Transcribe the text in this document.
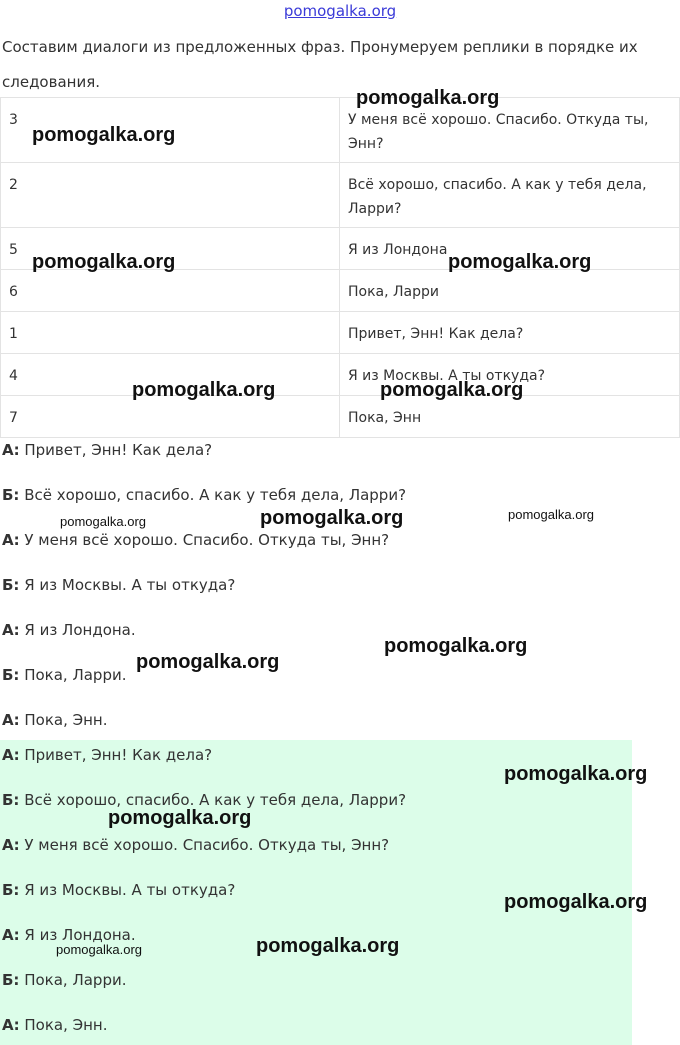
pomogalka.org
Составим диалоги из предложенных фраз. Пронумеруем реплики в порядке их следования.
3	У меня всё хорошо. Спасибо. Откуда ты, Энн?
2	Всё хорошо, спасибо. А как у тебя дела, Ларри?
5	Я из Лондона
6	Пока, Ларри
1	Привет, Энн! Как дела?
4	Я из Москвы. А ты откуда?
7	Пока, Энн
А: Привет, Энн! Как дела?
Б: Всё хорошо, спасибо. А как у тебя дела, Ларри?
А: У меня всё хорошо. Спасибо. Откуда ты, Энн?
Б: Я из Москвы. А ты откуда?
А: Я из Лондона.
Б: Пока, Ларри.
А: Пока, Энн.
А: Привет, Энн! Как дела?
Б: Всё хорошо, спасибо. А как у тебя дела, Ларри?
А: У меня всё хорошо. Спасибо. Откуда ты, Энн?
Б: Я из Москвы. А ты откуда?
А: Я из Лондона.
Б: Пока, Ларри.
А: Пока, Энн.
pomogalka.org
pomogalka.org
pomogalka.org	pomogalka.org
pomogalka.org	pomogalka.org
pomogalka.org	pomogalka.org	pomogalka.org
pomogalka.org
pomogalka.org
pomogalka.org
pomogalka.org
pomogalka.org
pomogalka.org
pomogalka.org
